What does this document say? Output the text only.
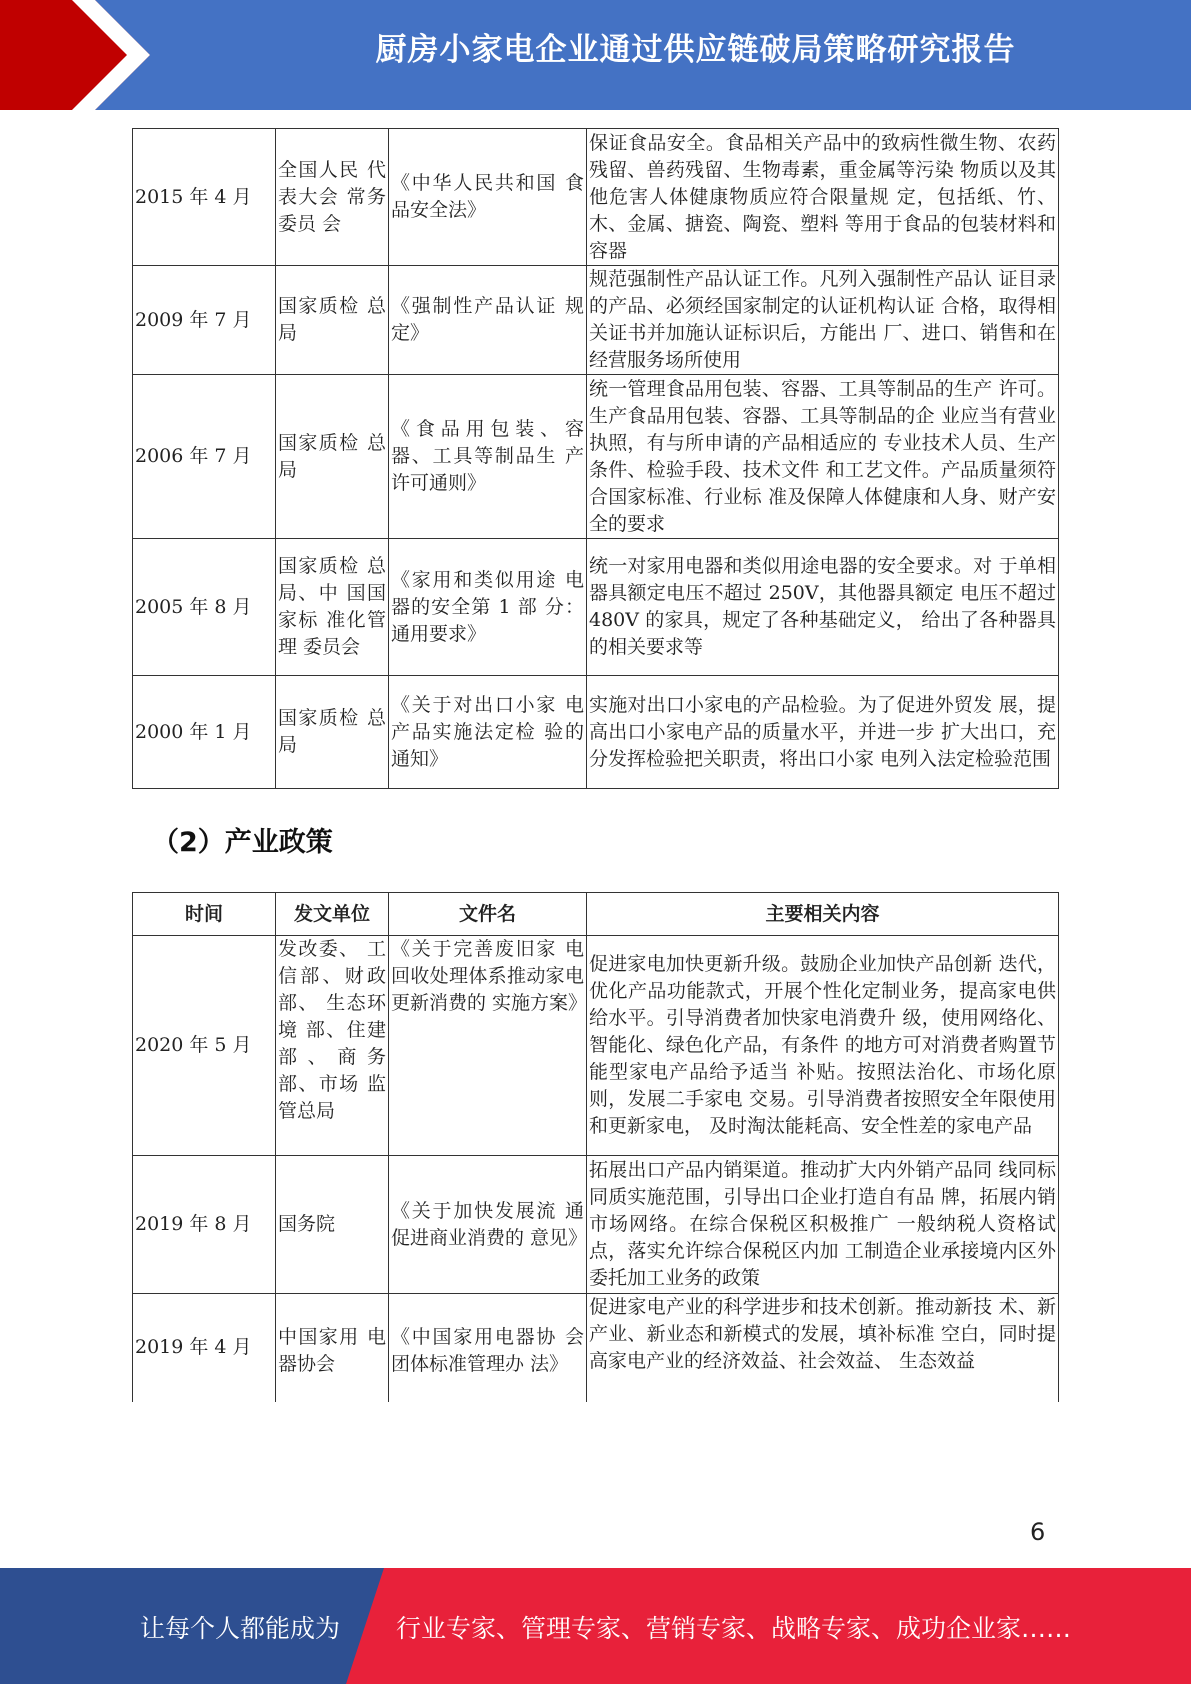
厨房小家电企业通过供应链破局策略研究报告
2015 年 4 月	全国人民 代表大会 常务委员 会	《中华人民共和国 食品安全法》	保证食品安全。食品相关产品中的致病性微生物、农药残留、兽药残留、生物毒素，重金属等污染 物质以及其他危害人体健康物质应符合限量规 定，包括纸、竹、木、金属、搪瓷、陶瓷、塑料 等用于食品的包装材料和容器
2009 年 7 月	国家质检 总局	《强制性产品认证 规定》	规范强制性产品认证工作。凡列入强制性产品认 证目录的产品、必须经国家制定的认证机构认证 合格，取得相关证书并加施认证标识后，方能出 厂、进口、销售和在经营服务场所使用
2006 年 7 月	国家质检 总局	《食品用包装、容 器、工具等制品生 产许可通则》	统一管理食品用包装、容器、工具等制品的生产 许可。生产食品用包装、容器、工具等制品的企 业应当有营业执照，有与所申请的产品相适应的 专业技术人员、生产条件、检验手段、技术文件 和工艺文件。产品质量须符合国家标准、行业标 准及保障人体健康和人身、财产安全的要求
2005 年 8 月	国家质检 总局、中 国国家标 准化管理 委员会	《家用和类似用途 电器的安全第 1 部 分：通用要求》	统一对家用电器和类似用途电器的安全要求。对 于单相器具额定电压不超过 250V，其他器具额定 电压不超过 480V 的家具，规定了各种基础定义， 给出了各种器具的相关要求等
2000 年 1 月	国家质检 总局	《关于对出口小家 电产品实施法定检 验的通知》	实施对出口小家电的产品检验。为了促进外贸发 展，提高出口小家电产品的质量水平，并进一步 扩大出口，充分发挥检验把关职责，将出口小家 电列入法定检验范围
（2）产业政策
时间	发文单位	文件名	主要相关内容
2020 年 5 月	发改委、 工信部、财政部、 生态环境 部、住建部、商务部、市场 监管总局	《关于完善废旧家 电回收处理体系推动家电更新消费的 实施方案》	促进家电加快更新升级。鼓励企业加快产品创新 迭代，优化产品功能款式，开展个性化定制业务，提高家电供给水平。引导消费者加快家电消费升 级，使用网络化、智能化、绿色化产品，有条件 的地方可对消费者购置节能型家电产品给予适当 补贴。按照法治化、市场化原则，发展二手家电 交易。引导消费者按照安全年限使用和更新家电， 及时淘汰能耗高、安全性差的家电产品
2019 年 8 月	国务院	《关于加快发展流 通促进商业消费的 意见》	拓展出口产品内销渠道。推动扩大内外销产品同 线同标同质实施范围，引导出口企业打造自有品 牌，拓展内销市场网络。在综合保税区积极推广 一般纳税人资格试点，落实允许综合保税区内加 工制造企业承接境内区外委托加工业务的政策
2019 年 4 月	中国家用 电器协会	《中国家用电器协 会团体标准管理办 法》	促进家电产业的科学进步和技术创新。推动新技 术、新产业、新业态和新模式的发展，填补标准 空白，同时提高家电产业的经济效益、社会效益、 生态效益
6
让每个人都能成为 行业专家、管理专家、营销专家、战略专家、成功企业家……
